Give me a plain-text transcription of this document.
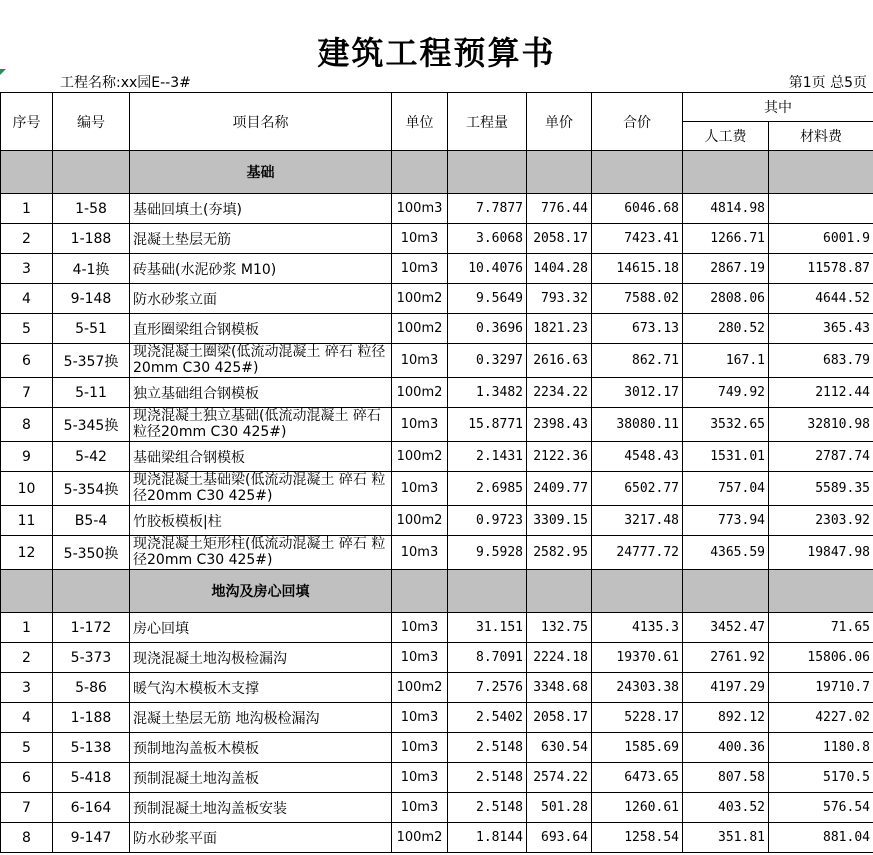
建筑工程预算书
工程名称:xx园E--3#	第1页 总5页
序号	编号	项目名称	单位	工程量	单价	合价	其中	
							人工费	材料费
		基础						
1	1-58	基础回填土(夯填)	100m3	7.7877	776.44	6046.68	4814.98	
2	1-188	混凝土垫层无筋	10m3	3.6068	2058.17	7423.41	1266.71	6001.9
3	4-1换	砖基础(水泥砂浆 M10)	10m3	10.4076	1404.28	14615.18	2867.19	11578.87
4	9-148	防水砂浆立面	100m2	9.5649	793.32	7588.02	2808.06	4644.52
5	5-51	直形圈梁组合钢模板	100m2	0.3696	1821.23	673.13	280.52	365.43
6	5-357换	现浇混凝土圈梁(低流动混凝土 碎石 粒径20mm C30 425#)	10m3	0.3297	2616.63	862.71	167.1	683.79
7	5-11	独立基础组合钢模板	100m2	1.3482	2234.22	3012.17	749.92	2112.44
8	5-345换	现浇混凝土独立基础(低流动混凝土 碎石 粒径20mm C30 425#)	10m3	15.8771	2398.43	38080.11	3532.65	32810.98
9	5-42	基础梁组合钢模板	100m2	2.1431	2122.36	4548.43	1531.01	2787.74
10	5-354换	现浇混凝土基础梁(低流动混凝土 碎石 粒径20mm C30 425#)	10m3	2.6985	2409.77	6502.77	757.04	5589.35
11	B5-4	竹胶板模板|柱	100m2	0.9723	3309.15	3217.48	773.94	2303.92
12	5-350换	现浇混凝土矩形柱(低流动混凝土 碎石 粒径20mm C30 425#)	10m3	9.5928	2582.95	24777.72	4365.59	19847.98
		地沟及房心回填						
1	1-172	房心回填	10m3	31.151	132.75	4135.3	3452.47	71.65
2	5-373	现浇混凝土地沟极检漏沟	10m3	8.7091	2224.18	19370.61	2761.92	15806.06
3	5-86	暖气沟木模板木支撑	100m2	7.2576	3348.68	24303.38	4197.29	19710.7
4	1-188	混凝土垫层无筋 地沟极检漏沟	10m3	2.5402	2058.17	5228.17	892.12	4227.02
5	5-138	预制地沟盖板木模板	10m3	2.5148	630.54	1585.69	400.36	1180.8
6	5-418	预制混凝土地沟盖板	10m3	2.5148	2574.22	6473.65	807.58	5170.5
7	6-164	预制混凝土地沟盖板安装	10m3	2.5148	501.28	1260.61	403.52	576.54
8	9-147	防水砂浆平面	100m2	1.8144	693.64	1258.54	351.81	881.04
